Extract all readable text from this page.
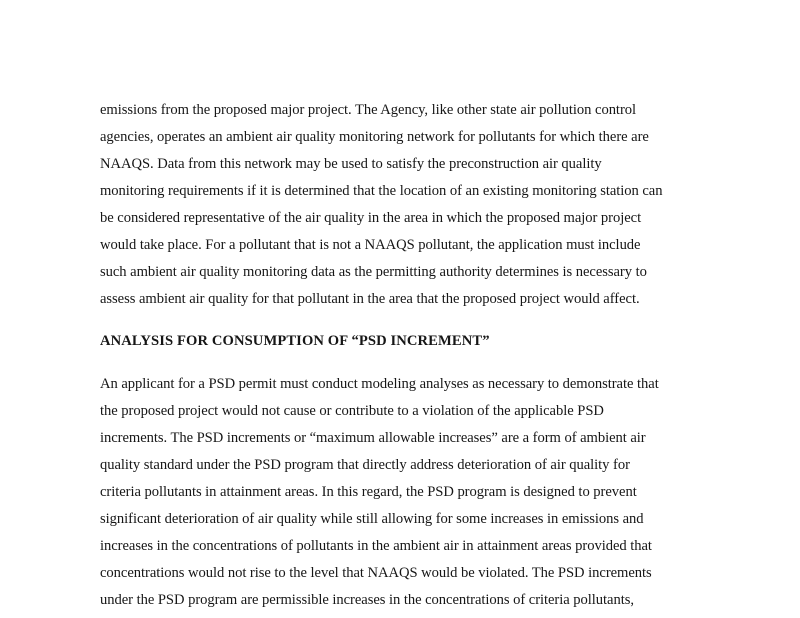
emissions from the proposed major project. The Agency, like other state air pollution control
agencies, operates an ambient air quality monitoring network for pollutants for which there are
NAAQS. Data from this network may be used to satisfy the preconstruction air quality
monitoring requirements if it is determined that the location of an existing monitoring station can
be considered representative of the air quality in the area in which the proposed major project
would take place. For a pollutant that is not a NAAQS pollutant, the application must include
such ambient air quality monitoring data as the permitting authority determines is necessary to
assess ambient air quality for that pollutant in the area that the proposed project would affect.
ANALYSIS FOR CONSUMPTION OF “PSD INCREMENT”
An applicant for a PSD permit must conduct modeling analyses as necessary to demonstrate that
the proposed project would not cause or contribute to a violation of the applicable PSD
increments. The PSD increments or “maximum allowable increases” are a form of ambient air
quality standard under the PSD program that directly address deterioration of air quality for
criteria pollutants in attainment areas. In this regard, the PSD program is designed to prevent
significant deterioration of air quality while still allowing for some increases in emissions and
increases in the concentrations of pollutants in the ambient air in attainment areas provided that
concentrations would not rise to the level that NAAQS would be violated. The PSD increments
under the PSD program are permissible increases in the concentrations of criteria pollutants,
